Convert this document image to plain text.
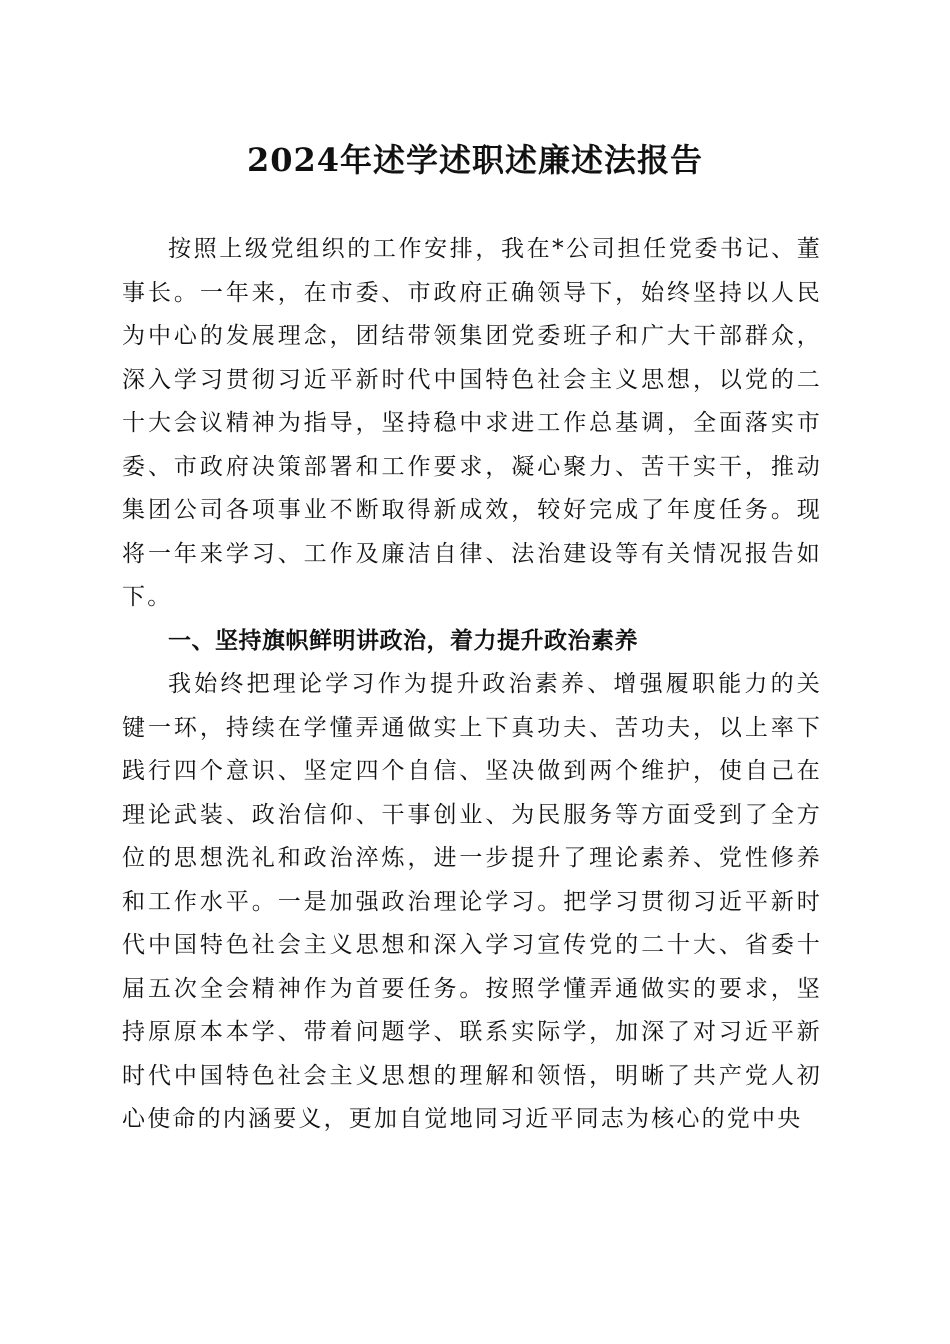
2024年述学述职述廉述法报告

按照上级党组织的工作安排，我在*公司担任党委书记、董事长。一年来，在市委、市政府正确领导下，始终坚持以人民为中心的发展理念，团结带领集团党委班子和广大干部群众，深入学习贯彻习近平新时代中国特色社会主义思想，以党的二十大会议精神为指导，坚持稳中求进工作总基调，全面落实市委、市政府决策部署和工作要求，凝心聚力、苦干实干，推动集团公司各项事业不断取得新成效，较好完成了年度任务。现将一年来学习、工作及廉洁自律、法治建设等有关情况报告如下。

一、坚持旗帜鲜明讲政治，着力提升政治素养

我始终把理论学习作为提升政治素养、增强履职能力的关键一环，持续在学懂弄通做实上下真功夫、苦功夫，以上率下践行四个意识、坚定四个自信、坚决做到两个维护，使自己在理论武装、政治信仰、干事创业、为民服务等方面受到了全方位的思想洗礼和政治淬炼，进一步提升了理论素养、党性修养和工作水平。一是加强政治理论学习。把学习贯彻习近平新时代中国特色社会主义思想和深入学习宣传党的二十大、省委十届五次全会精神作为首要任务。按照学懂弄通做实的要求，坚持原原本本学、带着问题学、联系实际学，加深了对习近平新时代中国特色社会主义思想的理解和领悟，明晰了共产党人初心使命的内涵要义，更加自觉地同习近平同志为核心的党中央
